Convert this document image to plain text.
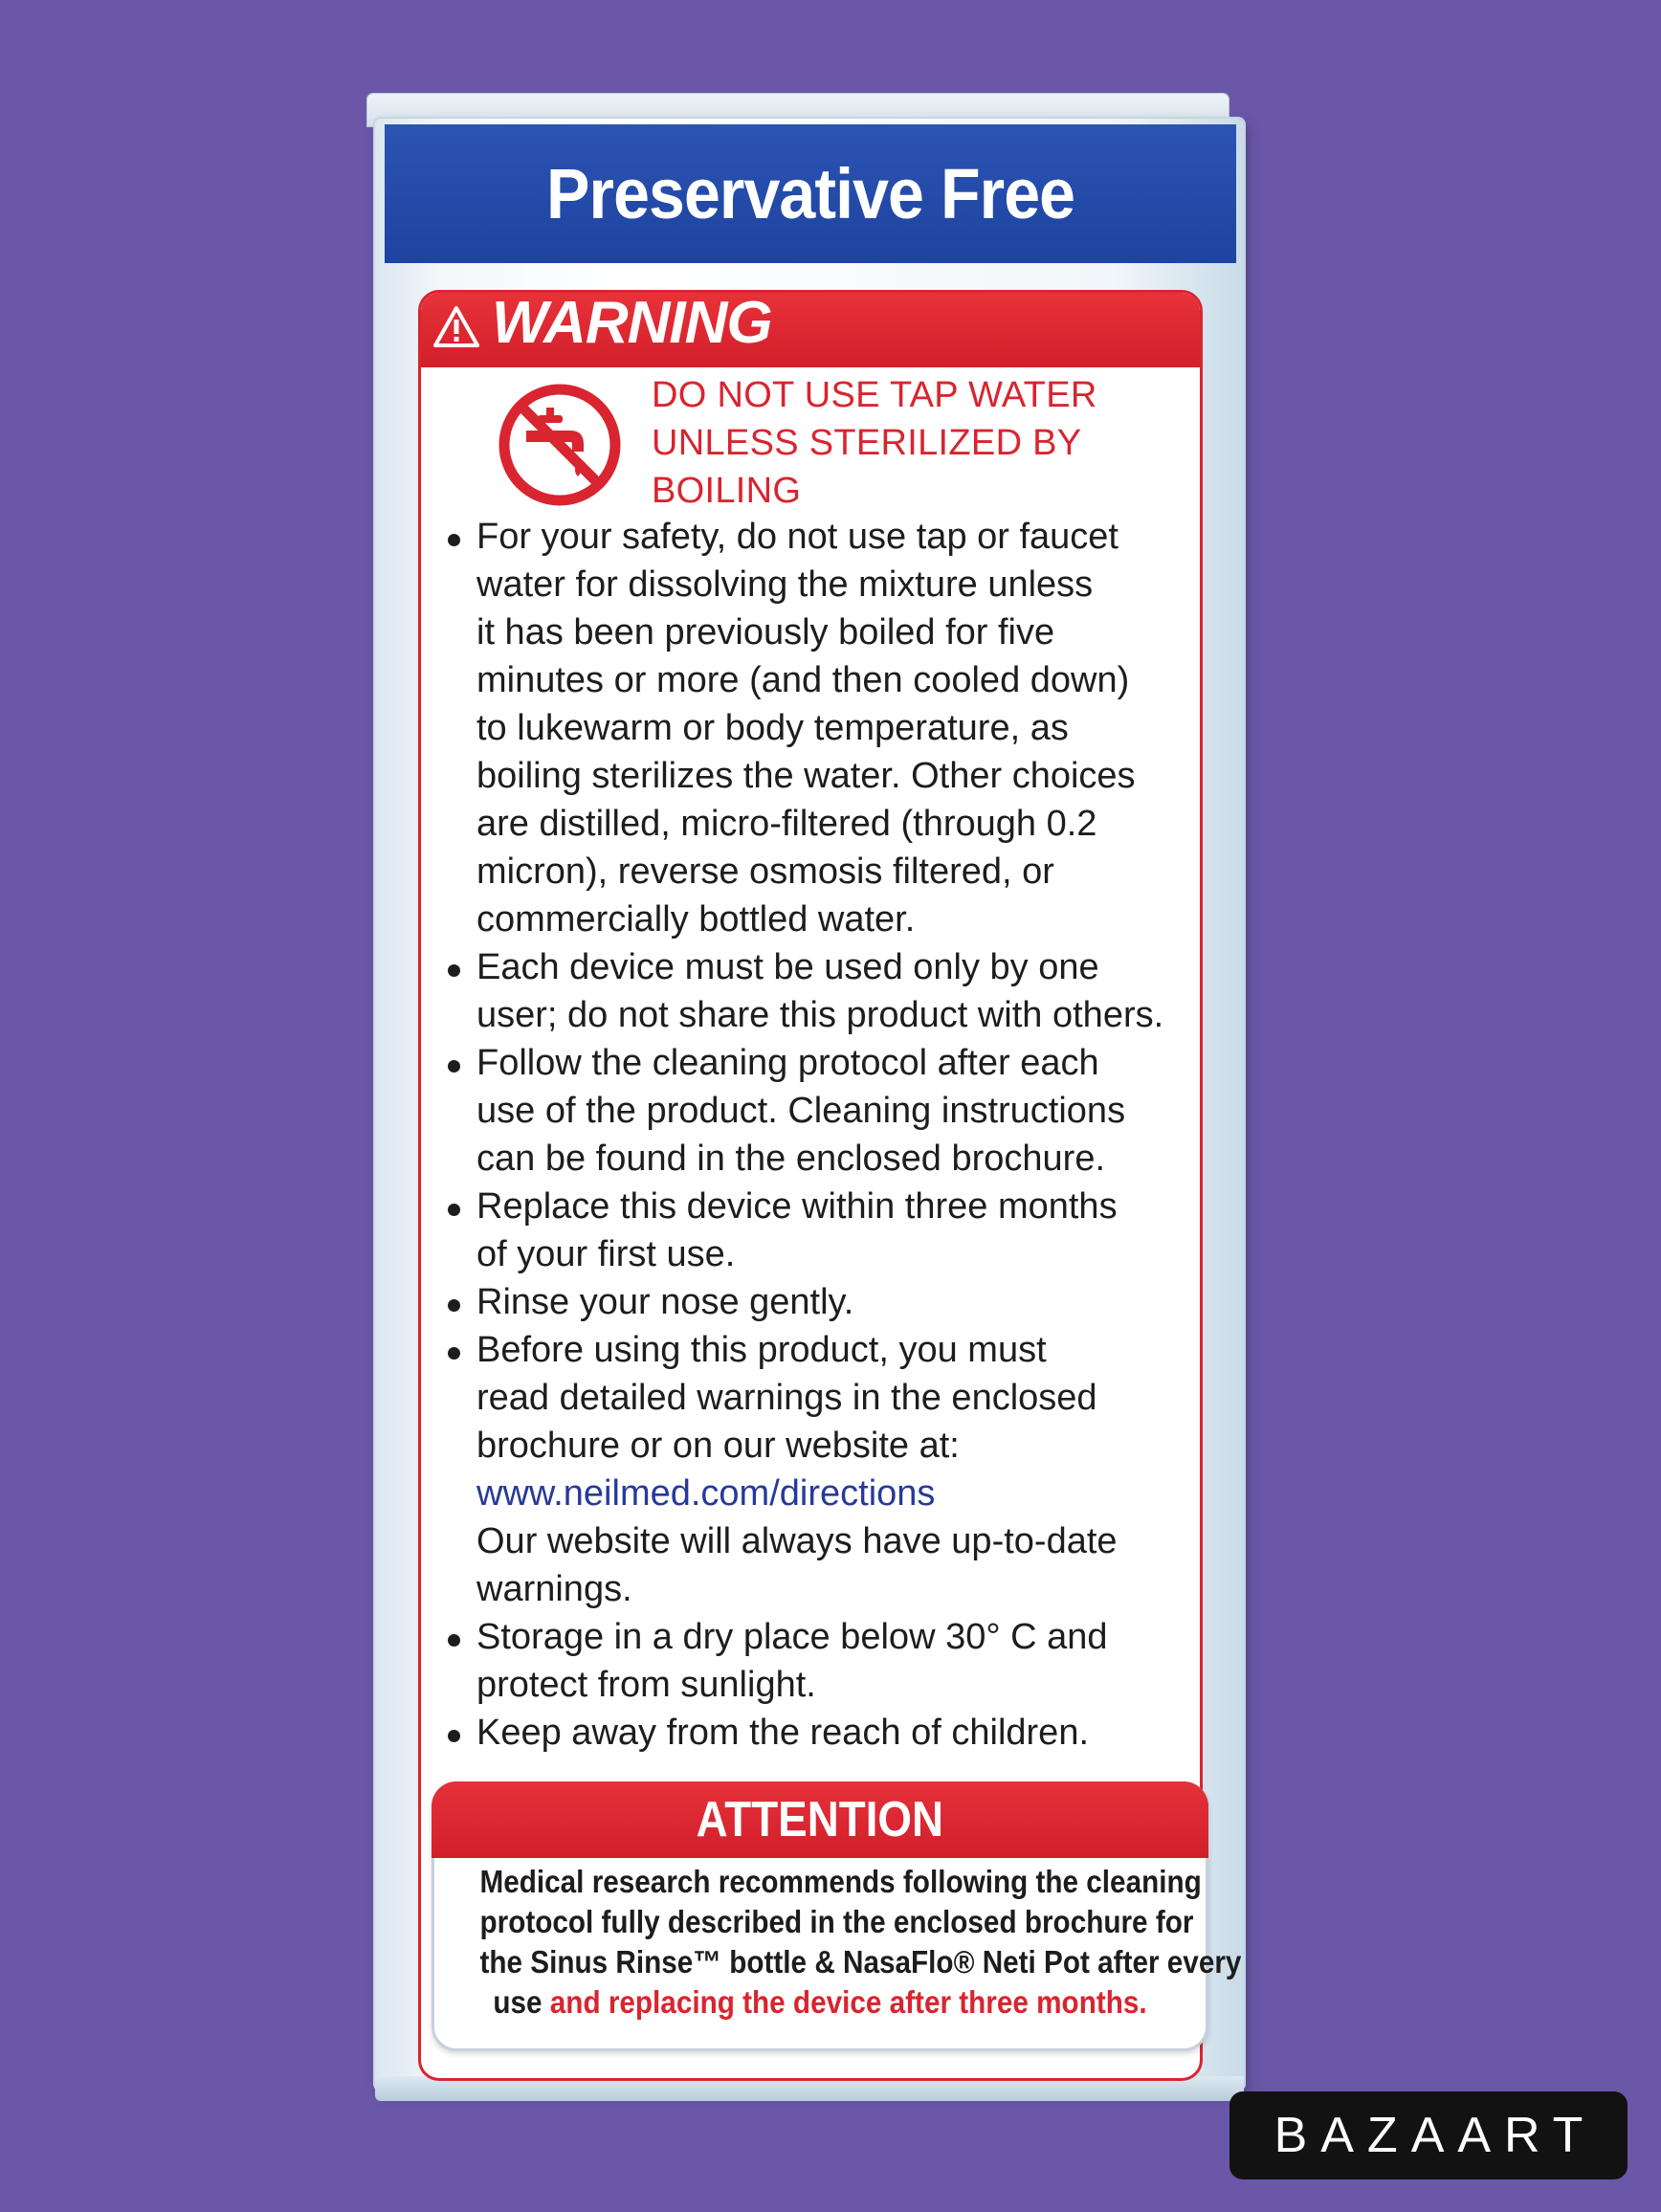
Preservative Free
WARNING
DO NOT USE TAP WATER
UNLESS STERILIZED BY
BOILING
For your safety, do not use tap or faucet
water for dissolving the mixture unless
it has been previously boiled for five
minutes or more (and then cooled down)
to lukewarm or body temperature, as
boiling sterilizes the water. Other choices
are distilled, micro-filtered (through 0.2
micron), reverse osmosis filtered, or
commercially bottled water.
Each device must be used only by one
user; do not share this product with others.
Follow the cleaning protocol after each
use of the product. Cleaning instructions
can be found in the enclosed brochure.
Replace this device within three months
of your first use.
Rinse your nose gently.
Before using this product, you must
read detailed warnings in the enclosed
brochure or on our website at:
www.neilmed.com/directions
Our website will always have up-to-date
warnings.
Storage in a dry place below 30° C and
protect from sunlight.
Keep away from the reach of children.
ATTENTION
Medical research recommends following the cleaning
protocol fully described in the enclosed brochure for
the Sinus Rinse™ bottle & NasaFlo® Neti Pot after every
use and replacing the device after three months.
BAZAART
